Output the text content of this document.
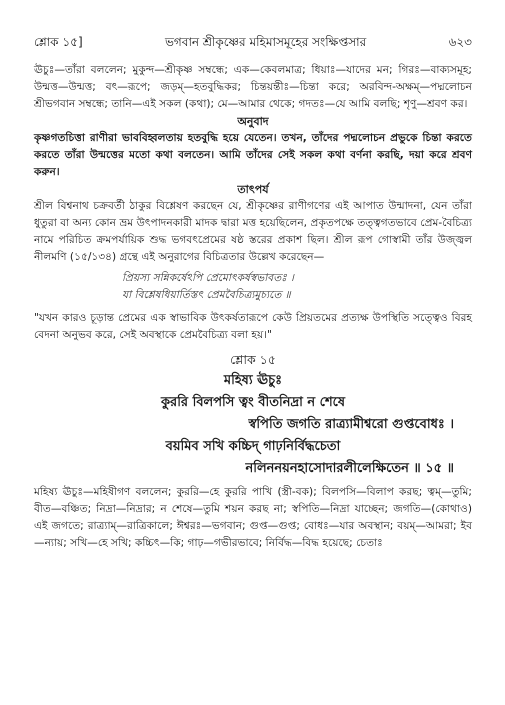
শ্লোক ১৫]	ভগবান শ্রীকৃষ্ণের মহিমাসমূহের সংক্ষিপ্তসার	৬২৩

ঊচুঃ—তাঁরা বললেন; মুকুন্দ—শ্রীকৃষ্ণ সম্বন্ধে; এক—কেবলমাত্র; ধিয়াঃ—যাদের মন; গিরঃ—বাক্যসমূহ; উন্মত্ত—উন্মত্ত; বৎ—রূপে; জড়ম্—হতবুদ্ধিকর; চিন্তয়ন্তীঃ—চিন্তা করে; অরবিন্দ-অক্ষম্—পদ্মলোচন শ্রীভগবান সম্বন্ধে; তানি—এই সকল (কথা); মে—আমার থেকে; গদতঃ—যে আমি বলছি; শৃণু—শ্রবণ কর।

অনুবাদ

কৃষ্ণগতচিত্তা রাণীরা ভাববিহ্বলতায় হতবুদ্ধি হয়ে যেতেন। তখন, তাঁদের পদ্মলোচন প্রভুকে চিন্তা করতে করতে তাঁরা উন্মত্তের মতো কথা বলতেন। আমি তাঁদের সেই সকল কথা বর্ণনা করছি, দয়া করে শ্রবণ করুন।

তাৎপর্য

শ্রীল বিশ্বনাথ চক্রবর্তী ঠাকুর বিশ্লেষণ করছেন যে, শ্রীকৃষ্ণের রাণীগণের এই আপাত উন্মাদনা, যেন তাঁরা ধুতুরা বা অন্য কোন ভ্রম উৎপাদনকারী মাদক দ্বারা মত্ত হয়েছিলেন, প্রকৃতপক্ষে তত্ত্বগতভাবে প্রেম-বৈচিত্র্য নামে পরিচিত ক্রমপর্যায়িক শুদ্ধ ভগবৎপ্রেমের ষষ্ঠ স্তরের প্রকাশ ছিল। শ্রীল রূপ গোস্বামী তাঁর উজ্জ্বল নীলমণি (১৫/১৩৪) গ্রন্থে এই অনুরাগের বিচিত্রতার উল্লেখ করেছেন—

প্রিয়স্য সন্নিকর্ষেঽপি প্রেমোৎকর্ষস্বভাবতঃ ।
যা বিশ্লেষধিয়ার্তিস্তৎ প্রেমবৈচিত্র্যমুচ্যতে ॥

"যখন কারও চূড়ান্ত প্রেমের এক স্বাভাবিক উৎকর্ষতারূপে কেউ প্রিয়তমের প্রত্যক্ষ উপস্থিতি সত্ত্বেও বিরহ বেদনা অনুভব করে, সেই অবস্থাকে প্রেমবৈচিত্র্য বলা হয়।"

শ্লোক ১৫
মহিষ্য ঊচুঃ
কুররি বিলপসি ত্বং বীতনিদ্রা ন শেষে
স্বপিতি জগতি রাত্র্যামীশ্বরো গুপ্তবোধঃ ।
বয়মিব সখি কচ্চিদ্ গাঢ়নির্বিদ্ধচেতা
নলিননয়নহাসোদারলীলেক্ষিতেন ॥ ১৫ ॥

মহিষ্য ঊচুঃ—মহিষীগণ বললেন; কুররি—হে কুররি পাখি (স্ত্রী-বক); বিলপসি—বিলাপ করছ; ত্বম্—তুমি; বীত—বঞ্চিত; নিদ্রা—নিদ্রার; ন শেষে—তুমি শয়ন করছ না; স্বপিতি—নিদ্রা যাচ্ছেন; জগতি—(কোথাও) এই জগতে; রাত্র্যাম্—রাত্রিকালে; ঈশ্বরঃ—ভগবান; গুপ্ত—গুপ্ত; বোধঃ—যার অবস্থান; বয়ম্—আমরা; ইব—ন্যায়; সখি—হে সখি; কচ্চিৎ—কি; গাঢ়—গভীরভাবে; নির্বিদ্ধ—বিদ্ধ হয়েছে; চেতাঃ
